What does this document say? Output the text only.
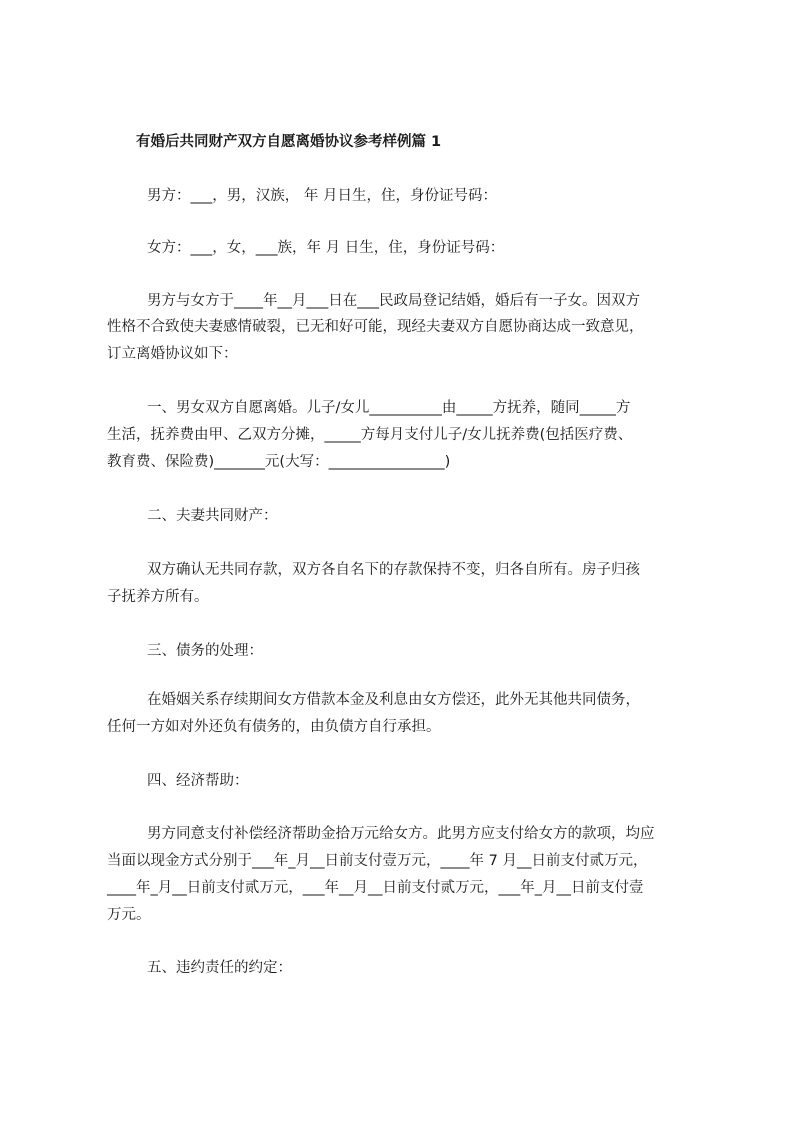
有婚后共同财产双方自愿离婚协议参考样例篇 1
男方：___，男，汉族， 年 月日生，住，身份证号码：
女方：___，女，___族，年 月 日生，住，身份证号码：
男方与女方于____年__月___日在___民政局登记结婚，婚后有一子女。因双方
性格不合致使夫妻感情破裂，已无和好可能，现经夫妻双方自愿协商达成一致意见，
订立离婚协议如下：
一、男女双方自愿离婚。儿子/女儿__________由_____方抚养，随同_____方
生活，抚养费由甲、乙双方分摊，_____方每月支付儿子/女儿抚养费(包括医疗费、
教育费、保险费)_______元(大写：________________)
二、夫妻共同财产：
双方确认无共同存款，双方各自名下的存款保持不变，归各自所有。房子归孩
子抚养方所有。
三、债务的处理：
在婚姻关系存续期间女方借款本金及利息由女方偿还，此外无其他共同债务，
任何一方如对外还负有债务的，由负债方自行承担。
四、经济帮助：
男方同意支付补偿经济帮助金拾万元给女方。此男方应支付给女方的款项，均应
当面以现金方式分别于___年_月__日前支付壹万元，____年 7 月__日前支付贰万元，
____年_月__日前支付贰万元，___年__月__日前支付贰万元，___年_月__日前支付壹
万元。
五、违约责任的约定：
